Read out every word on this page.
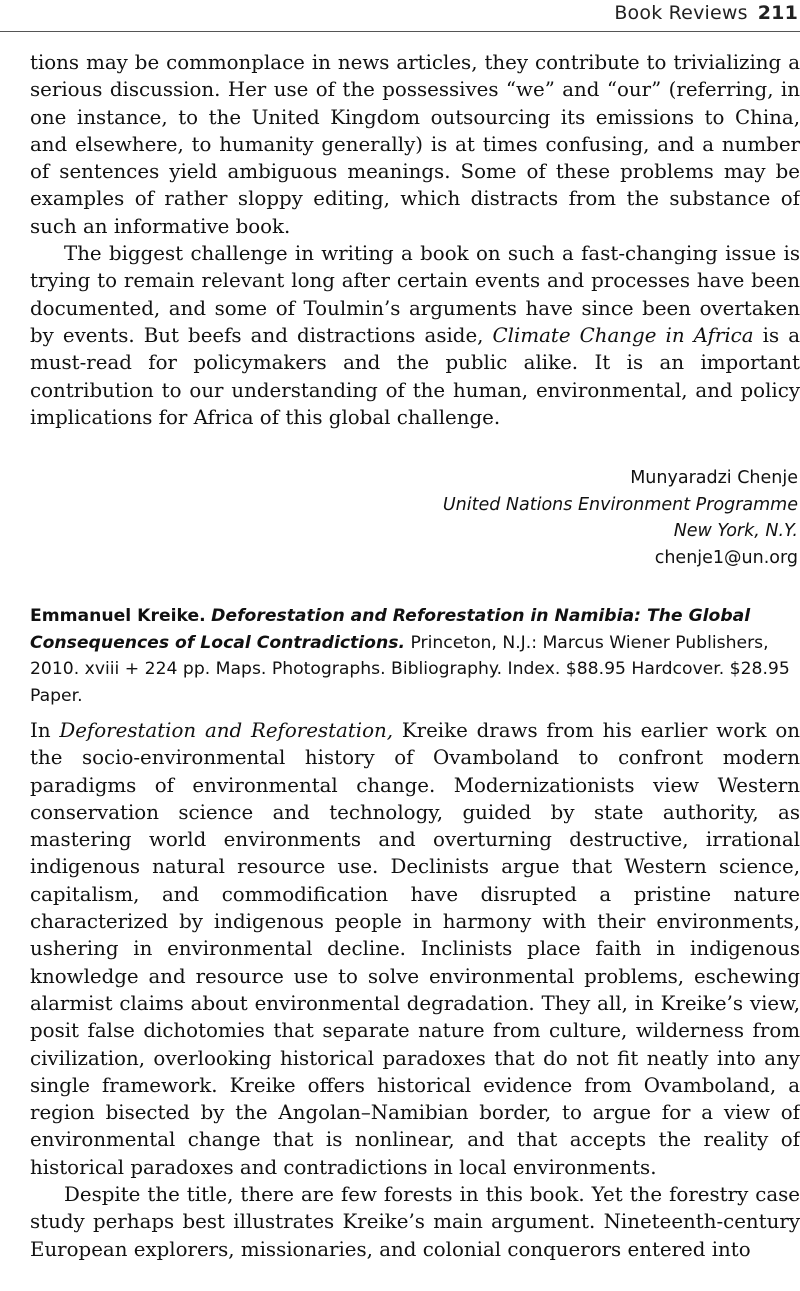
Book Reviews 211

tions may be commonplace in news articles, they contribute to trivializing a serious discussion. Her use of the possessives “we” and “our” (referring, in one instance, to the United Kingdom outsourcing its emissions to China, and elsewhere, to humanity generally) is at times confusing, and a number of sentences yield ambiguous meanings. Some of these problems may be examples of rather sloppy editing, which distracts from the substance of such an informative book.

The biggest challenge in writing a book on such a fast-changing issue is trying to remain relevant long after certain events and processes have been documented, and some of Toulmin’s arguments have since been overtaken by events. But beefs and distractions aside, Climate Change in Africa is a must-read for policymakers and the public alike. It is an important contribution to our understanding of the human, environmental, and policy implications for Africa of this global challenge.

Munyaradzi Chenje
United Nations Environment Programme
New York, N.Y.
chenje1@un.org

Emmanuel Kreike. Deforestation and Reforestation in Namibia: The Global Consequences of Local Contradictions. Princeton, N.J.: Marcus Wiener Publishers, 2010. xviii + 224 pp. Maps. Photographs. Bibliography. Index. $88.95 Hardcover. $28.95 Paper.

In Deforestation and Reforestation, Kreike draws from his earlier work on the socio-environmental history of Ovamboland to confront modern paradigms of environmental change. Modernizationists view Western conservation science and technology, guided by state authority, as mastering world environments and overturning destructive, irrational indigenous natural resource use. Declinists argue that Western science, capitalism, and commodification have disrupted a pristine nature characterized by indigenous people in harmony with their environments, ushering in environmental decline. Inclinists place faith in indigenous knowledge and resource use to solve environmental problems, eschewing alarmist claims about environmental degradation. They all, in Kreike’s view, posit false dichotomies that separate nature from culture, wilderness from civilization, overlooking historical paradoxes that do not fit neatly into any single framework. Kreike offers historical evidence from Ovamboland, a region bisected by the Angolan–Namibian border, to argue for a view of environmental change that is nonlinear, and that accepts the reality of historical paradoxes and contradictions in local environments.

Despite the title, there are few forests in this book. Yet the forestry case study perhaps best illustrates Kreike’s main argument. Nineteenth-century European explorers, missionaries, and colonial conquerors entered into
